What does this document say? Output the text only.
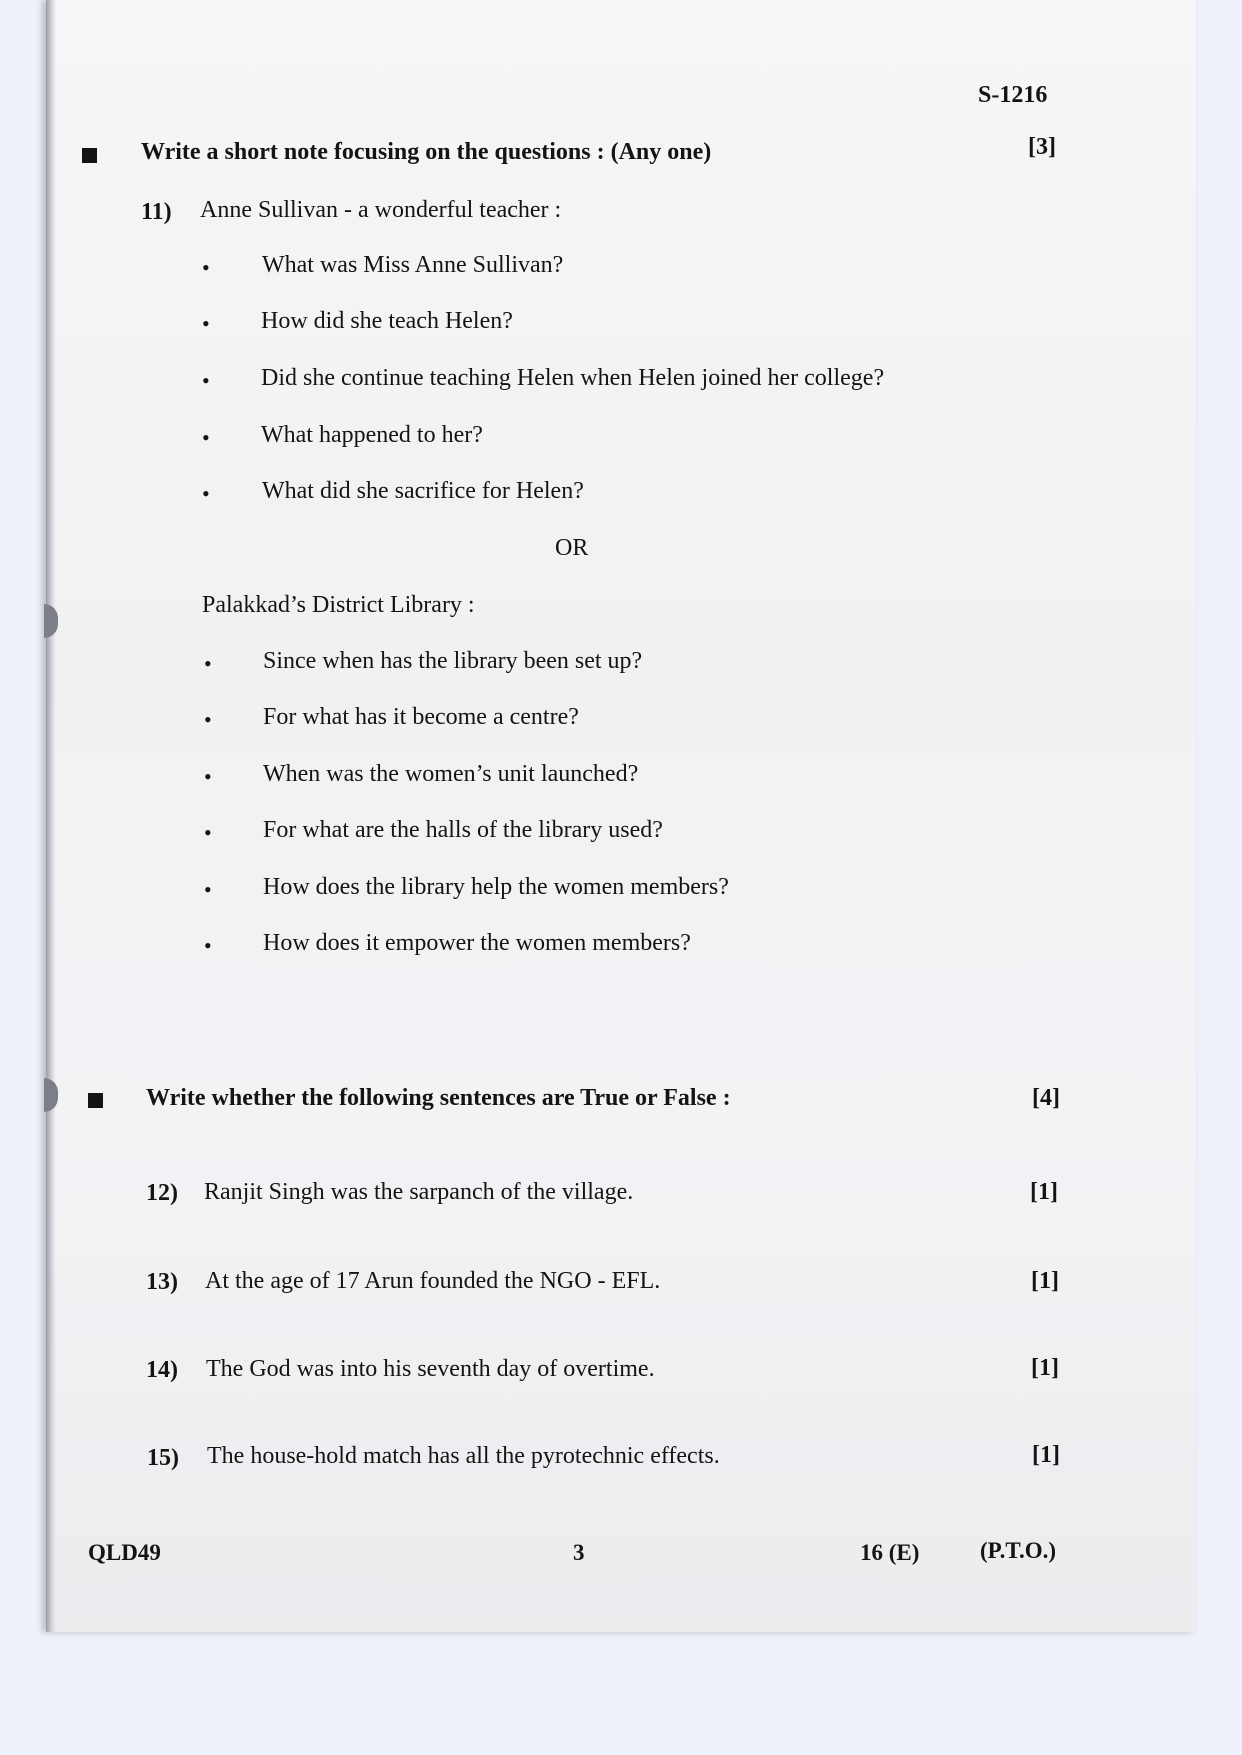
S-1216
Write a short note focusing on the questions : (Any one)	[3]
11) Anne Sullivan - a wonderful teacher :
• What was Miss Anne Sullivan?
• How did she teach Helen?
• Did she continue teaching Helen when Helen joined her college?
• What happened to her?
• What did she sacrifice for Helen?
OR
Palakkad’s District Library :
• Since when has the library been set up?
• For what has it become a centre?
• When was the women’s unit launched?
• For what are the halls of the library used?
• How does the library help the women members?
• How does it empower the women members?
Write whether the following sentences are True or False :	[4]
12) Ranjit Singh was the sarpanch of the village.	[1]
13) At the age of 17 Arun founded the NGO - EFL.	[1]
14) The God was into his seventh day of overtime.	[1]
15) The house-hold match has all the pyrotechnic effects.	[1]
QLD49	3	16 (E)	(P.T.O.)
